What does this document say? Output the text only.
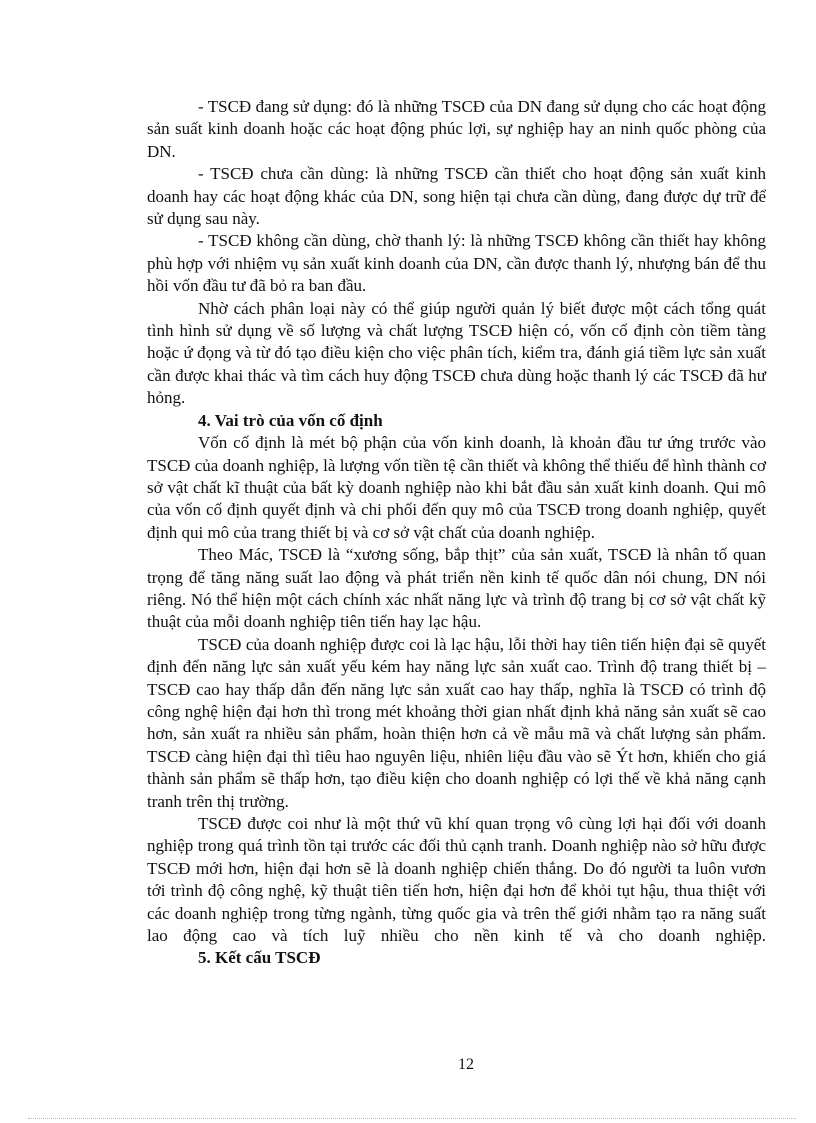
- TSCĐ đang sử dụng: đó là những TSCĐ của DN đang sử dụng cho các hoạt động sản suất kinh doanh hoặc các hoạt động phúc lợi, sự nghiệp hay an ninh quốc phòng của DN.

- TSCĐ chưa cần dùng: là những TSCĐ cần thiết cho hoạt động sản xuất kinh doanh hay các hoạt động khác của DN, song hiện tại chưa cần dùng, đang được dự trữ để sử dụng sau này.

- TSCĐ không cần dùng, chờ thanh lý: là những TSCĐ không cần thiết hay không phù hợp với nhiệm vụ sản xuất kinh doanh của DN, cần được thanh lý, nhượng bán để thu hồi vốn đầu tư đã bỏ ra ban đầu.

Nhờ cách phân loại này có thể giúp người quản lý biết được một cách tổng quát tình hình sử dụng về số lượng và chất lượng TSCĐ hiện có, vốn cố định còn tiềm tàng hoặc ứ đọng và từ đó tạo điều kiện cho việc phân tích, kiểm tra, đánh giá tiềm lực sản xuất cần được khai thác và tìm cách huy động TSCĐ chưa dùng hoặc thanh lý các TSCĐ đã hư hỏng.

4. Vai trò của vốn cố định

Vốn cố định là mét bộ phận của vốn kinh doanh, là khoản đầu tư ứng trước vào TSCĐ của doanh nghiệp, là lượng vốn tiền tệ cần thiết và không thể thiếu để hình thành cơ sở vật chất kĩ thuật của bất kỳ doanh nghiệp nào khi bắt đầu sản xuất kinh doanh. Qui mô của vốn cố định quyết định và chi phối đến quy mô của TSCĐ trong doanh nghiệp, quyết định qui mô của trang thiết bị và cơ sở vật chất của doanh nghiệp.

Theo Mác, TSCĐ là “xương sống, bắp thịt” của sản xuất, TSCĐ là nhân tố quan trọng để tăng năng suất lao động và phát triển nền kinh tế quốc dân nói chung, DN nói riêng. Nó thể hiện một cách chính xác nhất năng lực và trình độ trang bị cơ sở vật chất kỹ thuật của mỗi doanh nghiệp tiên tiến hay lạc hậu.

TSCĐ của doanh nghiệp được coi là lạc hậu, lỗi thời hay tiên tiến hiện đại sẽ quyết định đến năng lực sản xuất yếu kém hay năng lực sản xuất cao. Trình độ trang thiết bị – TSCĐ cao hay thấp dẫn đến năng lực sản xuất cao hay thấp, nghĩa là TSCĐ có trình độ công nghệ hiện đại hơn thì trong mét khoảng thời gian nhất định khả năng sản xuất sẽ cao hơn, sản xuất ra nhiều sản phẩm, hoàn thiện hơn cả về mẫu mã và chất lượng sản phẩm. TSCĐ càng hiện đại thì tiêu hao nguyên liệu, nhiên liệu đầu vào sẽ Ýt hơn, khiến cho giá thành sản phẩm sẽ thấp hơn, tạo điều kiện cho doanh nghiệp có lợi thế về khả năng cạnh tranh trên thị trường.

TSCĐ được coi như là một thứ vũ khí quan trọng vô cùng lợi hại đối với doanh nghiệp trong quá trình tồn tại trước các đối thủ cạnh tranh. Doanh nghiệp nào sở hữu được TSCĐ mới hơn, hiện đại hơn sẽ là doanh nghiệp chiến thắng. Do đó người ta luôn vươn tới trình độ công nghệ, kỹ thuật tiên tiến hơn, hiện đại hơn để khỏi tụt hậu, thua thiệt với các doanh nghiệp trong từng ngành, từng quốc gia và trên thế giới nhằm tạo ra năng suất lao động cao và tích luỹ nhiều cho nền kinh tế và cho doanh nghiệp.

5. Kết cấu TSCĐ

12
